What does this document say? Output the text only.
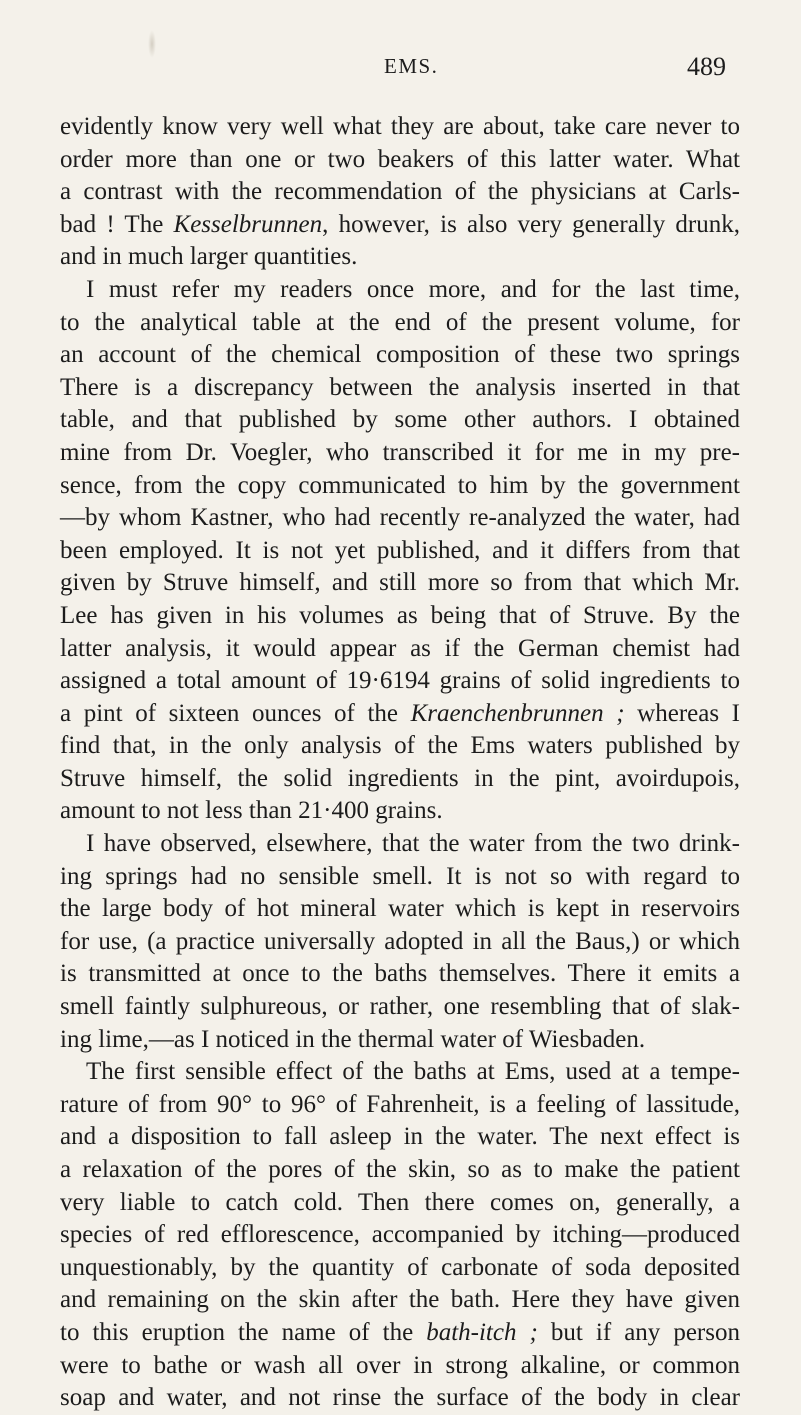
EMS.	489
evidently know very well what they are about, take care never to
order more than one or two beakers of this latter water. What
a contrast with the recommendation of the physicians at Carls-
bad ! The Kesselbrunnen, however, is also very generally drunk,
and in much larger quantities.
I must refer my readers once more, and for the last time,
to the analytical table at the end of the present volume, for
an account of the chemical composition of these two springs
There is a discrepancy between the analysis inserted in that
table, and that published by some other authors. I obtained
mine from Dr. Voegler, who transcribed it for me in my pre-
sence, from the copy communicated to him by the government
—by whom Kastner, who had recently re-analyzed the water, had
been employed. It is not yet published, and it differs from that
given by Struve himself, and still more so from that which Mr.
Lee has given in his volumes as being that of Struve. By the
latter analysis, it would appear as if the German chemist had
assigned a total amount of 19·6194 grains of solid ingredients to
a pint of sixteen ounces of the Kraenchenbrunnen ; whereas I
find that, in the only analysis of the Ems waters published by
Struve himself, the solid ingredients in the pint, avoirdupois,
amount to not less than 21·400 grains.
I have observed, elsewhere, that the water from the two drink-
ing springs had no sensible smell. It is not so with regard to
the large body of hot mineral water which is kept in reservoirs
for use, (a practice universally adopted in all the Baus,) or which
is transmitted at once to the baths themselves. There it emits a
smell faintly sulphureous, or rather, one resembling that of slak-
ing lime,—as I noticed in the thermal water of Wiesbaden.
The first sensible effect of the baths at Ems, used at a tempe-
rature of from 90° to 96° of Fahrenheit, is a feeling of lassitude,
and a disposition to fall asleep in the water. The next effect is
a relaxation of the pores of the skin, so as to make the patient
very liable to catch cold. Then there comes on, generally, a
species of red efflorescence, accompanied by itching—produced
unquestionably, by the quantity of carbonate of soda deposited
and remaining on the skin after the bath. Here they have given
to this eruption the name of the bath-itch ; but if any person
were to bathe or wash all over in strong alkaline, or common
soap and water, and not rinse the surface of the body in clear
